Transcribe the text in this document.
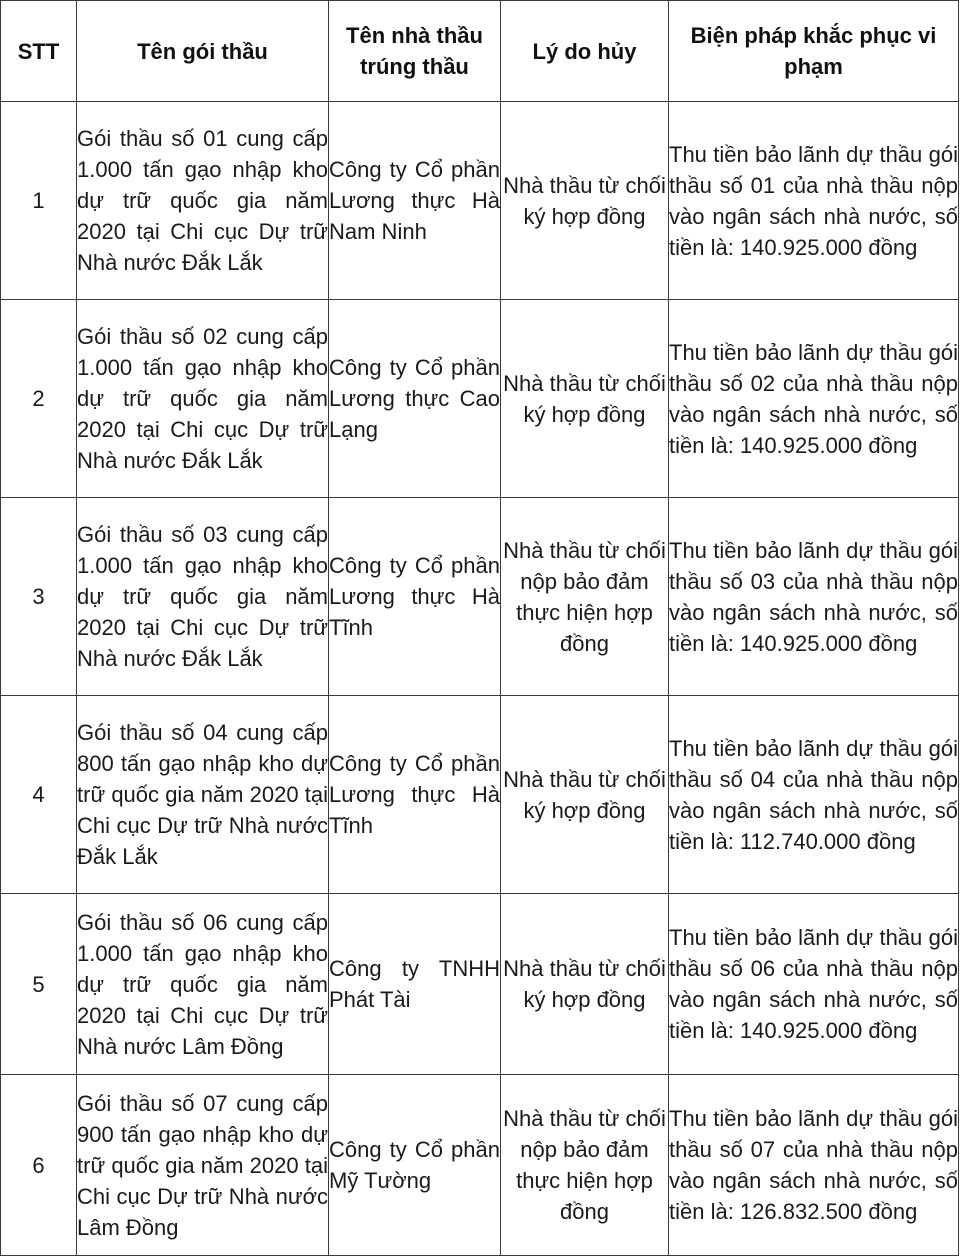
STT	Tên gói thầu	Tên nhà thầu trúng thầu	Lý do hủy	Biện pháp khắc phục vi phạm
1	Gói thầu số 01 cung cấp 1.000 tấn gạo nhập kho dự trữ quốc gia năm 2020 tại Chi cục Dự trữ Nhà nước Đắk Lắk	Công ty Cổ phần Lương thực Hà Nam Ninh	Nhà thầu từ chối ký hợp đồng	Thu tiền bảo lãnh dự thầu gói thầu số 01 của nhà thầu nộp vào ngân sách nhà nước, số tiền là: 140.925.000 đồng
2	Gói thầu số 02 cung cấp 1.000 tấn gạo nhập kho dự trữ quốc gia năm 2020 tại Chi cục Dự trữ Nhà nước Đắk Lắk	Công ty Cổ phần Lương thực Cao Lạng	Nhà thầu từ chối ký hợp đồng	Thu tiền bảo lãnh dự thầu gói thầu số 02 của nhà thầu nộp vào ngân sách nhà nước, số tiền là: 140.925.000 đồng
3	Gói thầu số 03 cung cấp 1.000 tấn gạo nhập kho dự trữ quốc gia năm 2020 tại Chi cục Dự trữ Nhà nước Đắk Lắk	Công ty Cổ phần Lương thực Hà Tĩnh	Nhà thầu từ chối nộp bảo đảm thực hiện hợp đồng	Thu tiền bảo lãnh dự thầu gói thầu số 03 của nhà thầu nộp vào ngân sách nhà nước, số tiền là: 140.925.000 đồng
4	Gói thầu số 04 cung cấp 800 tấn gạo nhập kho dự trữ quốc gia năm 2020 tại Chi cục Dự trữ Nhà nước Đắk Lắk	Công ty Cổ phần Lương thực Hà Tĩnh	Nhà thầu từ chối ký hợp đồng	Thu tiền bảo lãnh dự thầu gói thầu số 04 của nhà thầu nộp vào ngân sách nhà nước, số tiền là: 112.740.000 đồng
5	Gói thầu số 06 cung cấp 1.000 tấn gạo nhập kho dự trữ quốc gia năm 2020 tại Chi cục Dự trữ Nhà nước Lâm Đồng	Công ty TNHH Phát Tài	Nhà thầu từ chối ký hợp đồng	Thu tiền bảo lãnh dự thầu gói thầu số 06 của nhà thầu nộp vào ngân sách nhà nước, số tiền là: 140.925.000 đồng
6	Gói thầu số 07 cung cấp 900 tấn gạo nhập kho dự trữ quốc gia năm 2020 tại Chi cục Dự trữ Nhà nước Lâm Đồng	Công ty Cổ phần Mỹ Tường	Nhà thầu từ chối nộp bảo đảm thực hiện hợp đồng	Thu tiền bảo lãnh dự thầu gói thầu số 07 của nhà thầu nộp vào ngân sách nhà nước, số tiền là: 126.832.500 đồng
